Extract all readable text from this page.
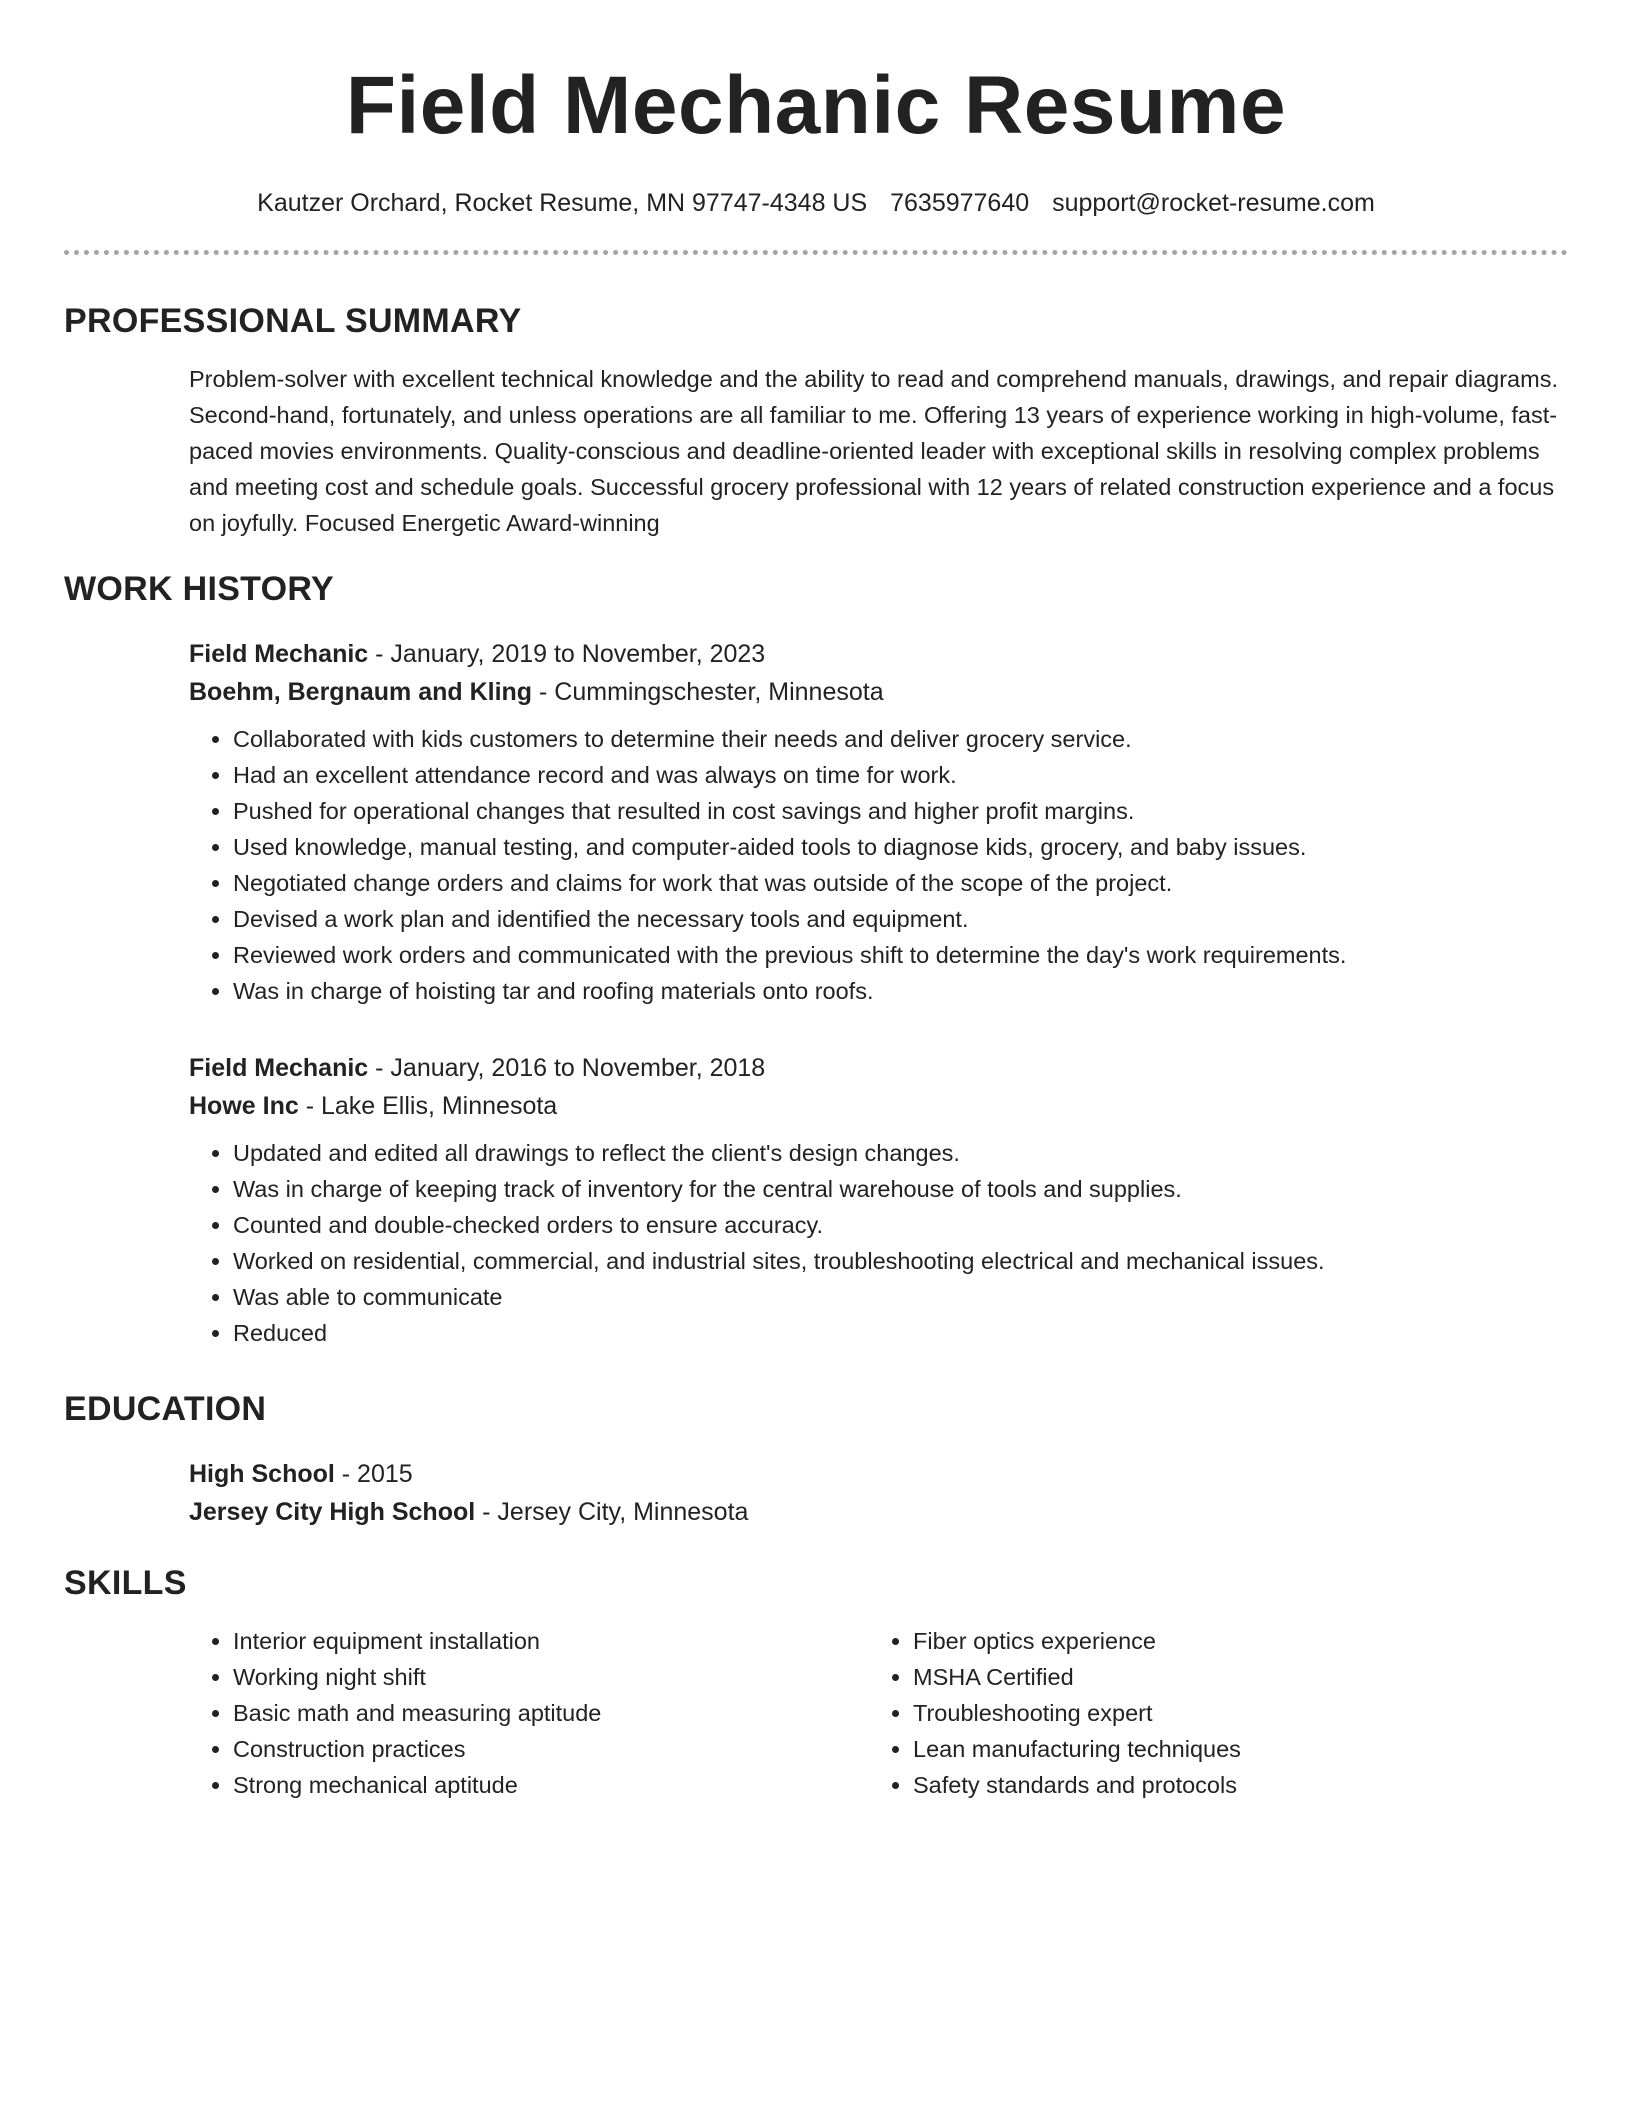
Field Mechanic Resume
Kautzer Orchard, Rocket Resume, MN 97747-4348 US 7635977640 support@rocket-resume.com
PROFESSIONAL SUMMARY
Problem-solver with excellent technical knowledge and the ability to read and comprehend manuals, drawings, and repair diagrams. Second-hand, fortunately, and unless operations are all familiar to me. Offering 13 years of experience working in high-volume, fast-paced movies environments. Quality-conscious and deadline-oriented leader with exceptional skills in resolving complex problems and meeting cost and schedule goals. Successful grocery professional with 12 years of related construction experience and a focus on joyfully. Focused Energetic Award-winning
WORK HISTORY
Field Mechanic - January, 2019 to November, 2023
Boehm, Bergnaum and Kling - Cummingschester, Minnesota
• Collaborated with kids customers to determine their needs and deliver grocery service.
• Had an excellent attendance record and was always on time for work.
• Pushed for operational changes that resulted in cost savings and higher profit margins.
• Used knowledge, manual testing, and computer-aided tools to diagnose kids, grocery, and baby issues.
• Negotiated change orders and claims for work that was outside of the scope of the project.
• Devised a work plan and identified the necessary tools and equipment.
• Reviewed work orders and communicated with the previous shift to determine the day's work requirements.
• Was in charge of hoisting tar and roofing materials onto roofs.
Field Mechanic - January, 2016 to November, 2018
Howe Inc - Lake Ellis, Minnesota
• Updated and edited all drawings to reflect the client's design changes.
• Was in charge of keeping track of inventory for the central warehouse of tools and supplies.
• Counted and double-checked orders to ensure accuracy.
• Worked on residential, commercial, and industrial sites, troubleshooting electrical and mechanical issues.
• Was able to communicate
• Reduced
EDUCATION
High School - 2015
Jersey City High School - Jersey City, Minnesota
SKILLS
• Interior equipment installation
• Working night shift
• Basic math and measuring aptitude
• Construction practices
• Strong mechanical aptitude
• Fiber optics experience
• MSHA Certified
• Troubleshooting expert
• Lean manufacturing techniques
• Safety standards and protocols
